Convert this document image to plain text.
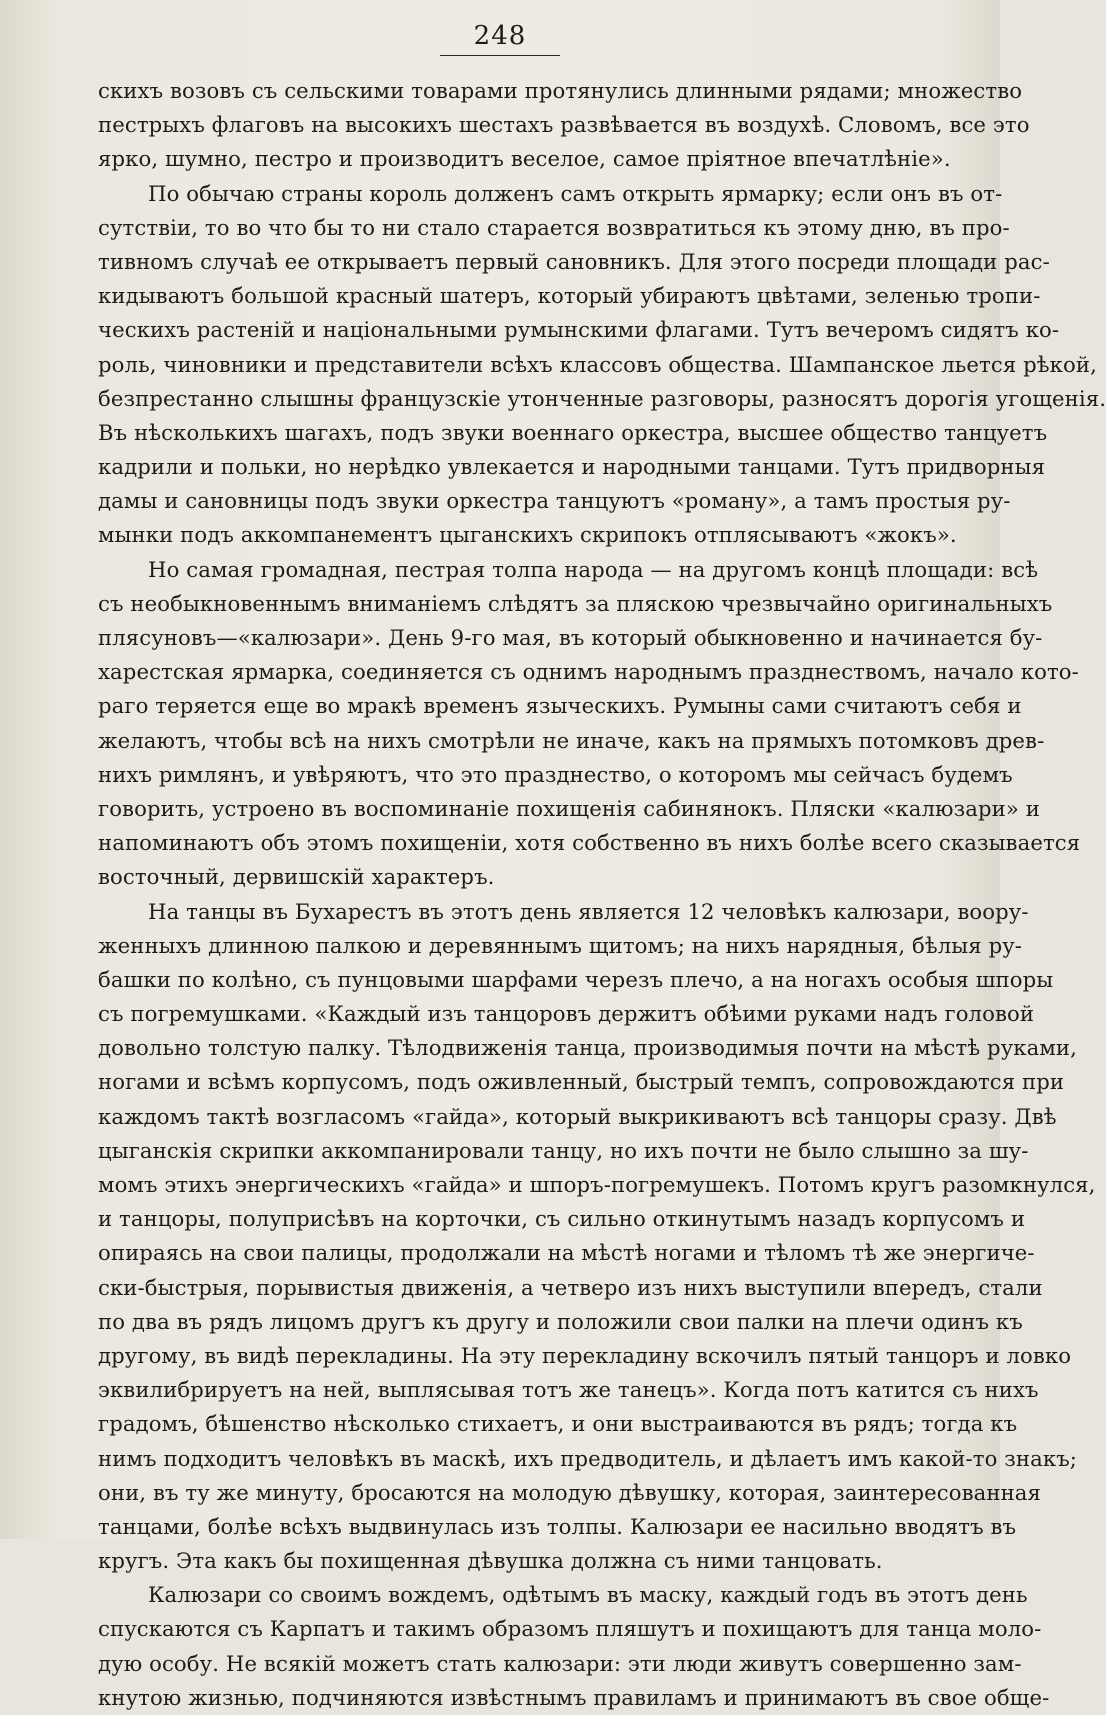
248
скихъ возовъ съ сельскими товарами протянулись длинными рядами; множество
пестрыхъ флаговъ на высокихъ шестахъ развѣвается въ воздухѣ. Словомъ, все это
ярко, шумно, пестро и производитъ веселое, самое пріятное впечатлѣніе».
По обычаю страны король долженъ самъ открыть ярмарку; если онъ въ от-
сутствіи, то во что бы то ни стало старается возвратиться къ этому дню, въ про-
тивномъ случаѣ ее открываетъ первый сановникъ. Для этого посреди площади рас-
кидываютъ большой красный шатеръ, который убираютъ цвѣтами, зеленью тропи-
ческихъ растеній и національными румынскими флагами. Тутъ вечеромъ сидятъ ко-
роль, чиновники и представители всѣхъ классовъ общества. Шампанское льется рѣкой,
безпрестанно слышны французскіе утонченные разговоры, разносятъ дорогія угощенія.
Въ нѣсколькихъ шагахъ, подъ звуки военнаго оркестра, высшее общество танцуетъ
кадрили и польки, но нерѣдко увлекается и народными танцами. Тутъ придворныя
дамы и сановницы подъ звуки оркестра танцуютъ «роману», а тамъ простыя ру-
мынки подъ аккомпанементъ цыганскихъ скрипокъ отплясываютъ «жокъ».
Но самая громадная, пестрая толпа народа — на другомъ концѣ площади: всѣ
съ необыкновеннымъ вниманіемъ слѣдятъ за пляскою чрезвычайно оригинальныхъ
плясуновъ—«калюзари». День 9-го мая, въ который обыкновенно и начинается бу-
харестская ярмарка, соединяется съ однимъ народнымъ празднествомъ, начало кото-
раго теряется еще во мракѣ временъ языческихъ. Румыны сами считаютъ себя и
желаютъ, чтобы всѣ на нихъ смотрѣли не иначе, какъ на прямыхъ потомковъ древ-
нихъ римлянъ, и увѣряютъ, что это празднество, о которомъ мы сейчасъ будемъ
говорить, устроено въ воспоминаніе похищенія сабинянокъ. Пляски «калюзари» и
напоминаютъ объ этомъ похищеніи, хотя собственно въ нихъ болѣе всего сказывается
восточный, дервишскій характеръ.
На танцы въ Бухарестъ въ этотъ день является 12 человѣкъ калюзари, воору-
женныхъ длинною палкою и деревяннымъ щитомъ; на нихъ нарядныя, бѣлыя ру-
башки по колѣно, съ пунцовыми шарфами черезъ плечо, а на ногахъ особыя шпоры
съ погремушками. «Каждый изъ танцоровъ держитъ обѣими руками надъ головой
довольно толстую палку. Тѣлодвиженія танца, производимыя почти на мѣстѣ руками,
ногами и всѣмъ корпусомъ, подъ оживленный, быстрый темпъ, сопровождаются при
каждомъ тактѣ возгласомъ «гайда», который выкрикиваютъ всѣ танцоры сразу. Двѣ
цыганскія скрипки аккомпанировали танцу, но ихъ почти не было слышно за шу-
момъ этихъ энергическихъ «гайда» и шпоръ-погремушекъ. Потомъ кругъ разомкнулся,
и танцоры, полуприсѣвъ на корточки, съ сильно откинутымъ назадъ корпусомъ и
опираясь на свои палицы, продолжали на мѣстѣ ногами и тѣломъ тѣ же энергиче-
ски-быстрыя, порывистыя движенія, а четверо изъ нихъ выступили впередъ, стали
по два въ рядъ лицомъ другъ къ другу и положили свои палки на плечи одинъ къ
другому, въ видѣ перекладины. На эту перекладину вскочилъ пятый танцоръ и ловко
эквилибрируетъ на ней, выплясывая тотъ же танецъ». Когда потъ катится съ нихъ
градомъ, бѣшенство нѣсколько стихаетъ, и они выстраиваются въ рядъ; тогда къ
нимъ подходитъ человѣкъ въ маскѣ, ихъ предводитель, и дѣлаетъ имъ какой-то знакъ;
они, въ ту же минуту, бросаются на молодую дѣвушку, которая, заинтересованная
танцами, болѣе всѣхъ выдвинулась изъ толпы. Калюзари ее насильно вводятъ въ
кругъ. Эта какъ бы похищенная дѣвушка должна съ ними танцовать.
Калюзари со своимъ вождемъ, одѣтымъ въ маску, каждый годъ въ этотъ день
спускаются съ Карпатъ и такимъ образомъ пляшутъ и похищаютъ для танца моло-
дую особу. Не всякій можетъ стать калюзари: эти люди живутъ совершенно зам-
кнутою жизнью, подчиняются извѣстнымъ правиламъ и принимаютъ въ свое обще-
